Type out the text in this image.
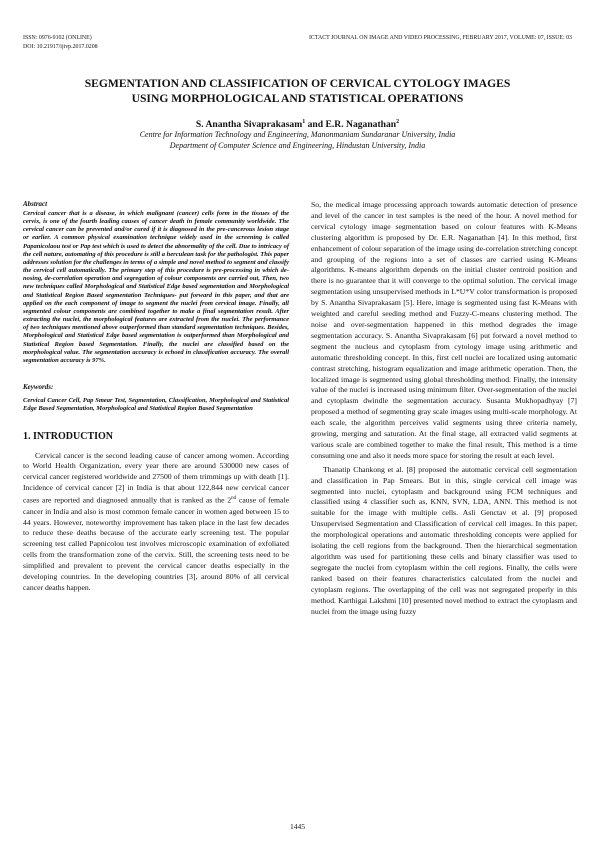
ISSN: 0976-9102 (ONLINE)
DOI: 10.21917/ijivp.2017.0208
ICTACT JOURNAL ON IMAGE AND VIDEO PROCESSING, FEBRUARY 2017, VOLUME: 07, ISSUE: 03
SEGMENTATION AND CLASSIFICATION OF CERVICAL CYTOLOGY IMAGES
USING MORPHOLOGICAL AND STATISTICAL OPERATIONS
S. Anantha Sivaprakasam$^1$ and E.R. Naganathan$^2$
Centre for Information Technology and Engineering, Manonmaniam Sundaranar University, India
Department of Computer Science and Engineering, Hindustan University, India

Abstract

Cervical cancer that is a disease, in which malignant (cancer) cells form in the tissues of the cervix, is one of the fourth leading causes of cancer death in female community worldwide. The cervical cancer can be prevented and/or cured if it is diagnosed in the pre-cancerous lesion stage or earlier. A common physical examination technique widely used in the screening is called Papanicolaou test or Pap test which is used to detect the abnormality of the cell. Due to intricacy of the cell nature, automating of this procedure is still a herculean task for the pathologist. This paper addresses solution for the challenges in terms of a simple and novel method to segment and classify the cervical cell automatically. The primary step of this procedure is pre-processing in which de-nosing, de-correlation operation and segregation of colour components are carried out, Then, two new techniques called Morphological and Statistical Edge based segmentation and Morphological and Statistical Region Based segmentation Techniques- put forward in this paper, and that are applied on the each component of image to segment the nuclei from cervical image. Finally, all segmented colour components are combined together to make a final segmentation result. After extracting the nuclei, the morphological features are extracted from the nuclei. The performance of two techniques mentioned above outperformed than standard segmentation techniques. Besides, Morphological and Statistical Edge based segmentation is outperformed than Morphological and Statistical Region based Segmentation. Finally, the nuclei are classified based on the morphological value. The segmentation accuracy is echoed in classification accuracy. The overall segmentation accuracy is 97%.

Keywords:

Cervical Cancer Cell, Pap Smear Test, Segmentation, Classification, Morphological and Statistical Edge Based Segmentation, Morphological and Statistical Region Based Segmentation

1. INTRODUCTION

Cervical cancer is the second leading cause of cancer among women. According to World Health Organization, every year there are around 530000 new cases of cervical cancer registered worldwide and 27500 of them trimmings up with death [1]. Incidence of cervical cancer [2] in India is that about 122,844 new cervical cancer cases are reported and diagnosed annually that is ranked as the 2nd cause of female cancer in India and also is most common female cancer in women aged between 15 to 44 years. However, noteworthy improvement has taken place in the last few decades to reduce these deaths because of the accurate early screening test. The popular screening test called Papnicolou test involves microscopic examination of exfoliated cells from the transformation zone of the cervix. Still, the screening tests need to be simplified and prevalent to prevent the cervical cancer deaths especially in the developing countries. In the developing countries [3], around 80% of all cervical cancer deaths happen.

So, the medical image processing approach towards automatic detection of presence and level of the cancer in test samples is the need of the hour. A novel method for cervical cytology image segmentation based on colour features with K-Means clustering algorithm is proposed by Dr. E.R. Naganathan [4]. In this method, first enhancement of colour separation of the image using de-correlation stretching concept and grouping of the regions into a set of classes are carried using K-Means algorithms. K-means algorithm depends on the initial cluster centroid position and there is no guarantee that it will converge to the optimal solution. The cervical image segmentation using unsupervised methods in L*U*V color transformation is proposed by S. Anantha Sivaprakasam [5]. Here, image is segmented using fast K-Means with weighted and careful seeding method and Fuzzy-C-means clustering method. The noise and over-segmentation happened in this method degrades the image segmentation accuracy. S. Anantha Sivaprakasam [6] put forward a novel method to segment the nucleus and cytoplasm from cytology image using arithmetic and automatic thresholding concept. In this, first cell nuclei are localized using automatic contrast stretching, histogram equalization and image arithmetic operation. Then, the localized image is segmented using global thresholding method. Finally, the intensity value of the nuclei is increased using minimum filter. Over-segmentation of the nuclei and cytoplasm dwindle the segmentation accuracy. Susanta Mukhopadhyay [7] proposed a method of segmenting gray scale images using multi-scale morphology. At each scale, the algorithm perceives valid segments using three criteria namely, growing, merging and saturation. At the final stage, all extracted valid segments at various scale are combined together to make the final result, This method is a time consuming one and also it needs more space for storing the result at each level.

Thanatip Chankong et al. [8] proposed the automatic cervical cell segmentation and classification in Pap Smears. But in this, single cervical cell image was segmented into nuclei, cytoplasm and background using FCM techniques and classified using 4 classifier such as, KNN, SVN, LDA, ANN. This method is not suitable for the image with multiple cells. Asli Genctav et al. [9] proposed Unsupervised Segmentation and Classification of cervical cell images. In this paper, the morphological operations and automatic thresholding concepts were applied for isolating the cell regions from the background. Then the hierarchical segmentation algorithm was used for partitioning these cells and binary classifier was used to segregate the nuclei from cytoplasm within the cell regions. Finally, the cells were ranked based on their features characteristics calculated from the nuclei and cytoplasm regions. The overlapping of the cell was not segregated properly in this method. Karthigai Lakshmi [10] presented novel method to extract the cytoplasm and nuclei from the image using fuzzy

1445
